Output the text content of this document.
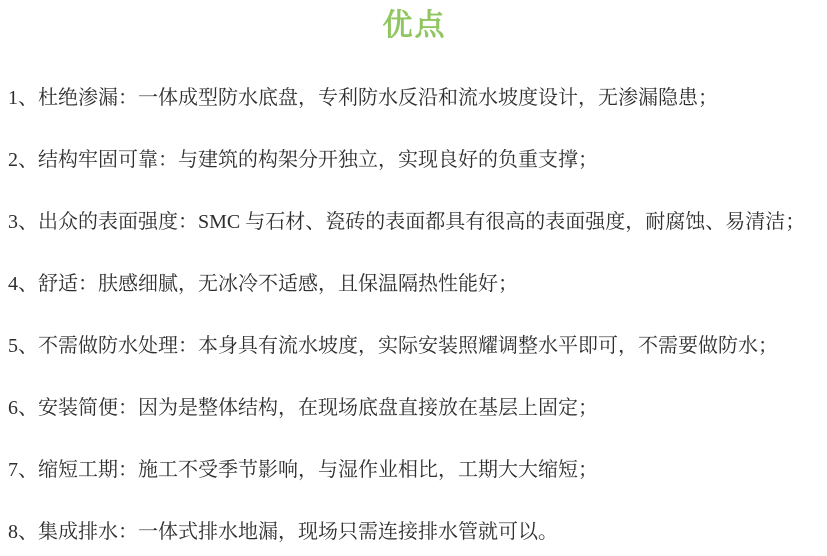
优点

1、杜绝渗漏：一体成型防水底盘，专利防水反沿和流水坡度设计，无渗漏隐患；

2、结构牢固可靠：与建筑的构架分开独立，实现良好的负重支撑；

3、出众的表面强度：SMC 与石材、瓷砖的表面都具有很高的表面强度，耐腐蚀、易清洁；

4、舒适：肤感细腻，无冰冷不适感，且保温隔热性能好；

5、不需做防水处理：本身具有流水坡度，实际安装照耀调整水平即可，不需要做防水；

6、安装简便：因为是整体结构，在现场底盘直接放在基层上固定；

7、缩短工期：施工不受季节影响，与湿作业相比，工期大大缩短；

8、集成排水：一体式排水地漏，现场只需连接排水管就可以。
